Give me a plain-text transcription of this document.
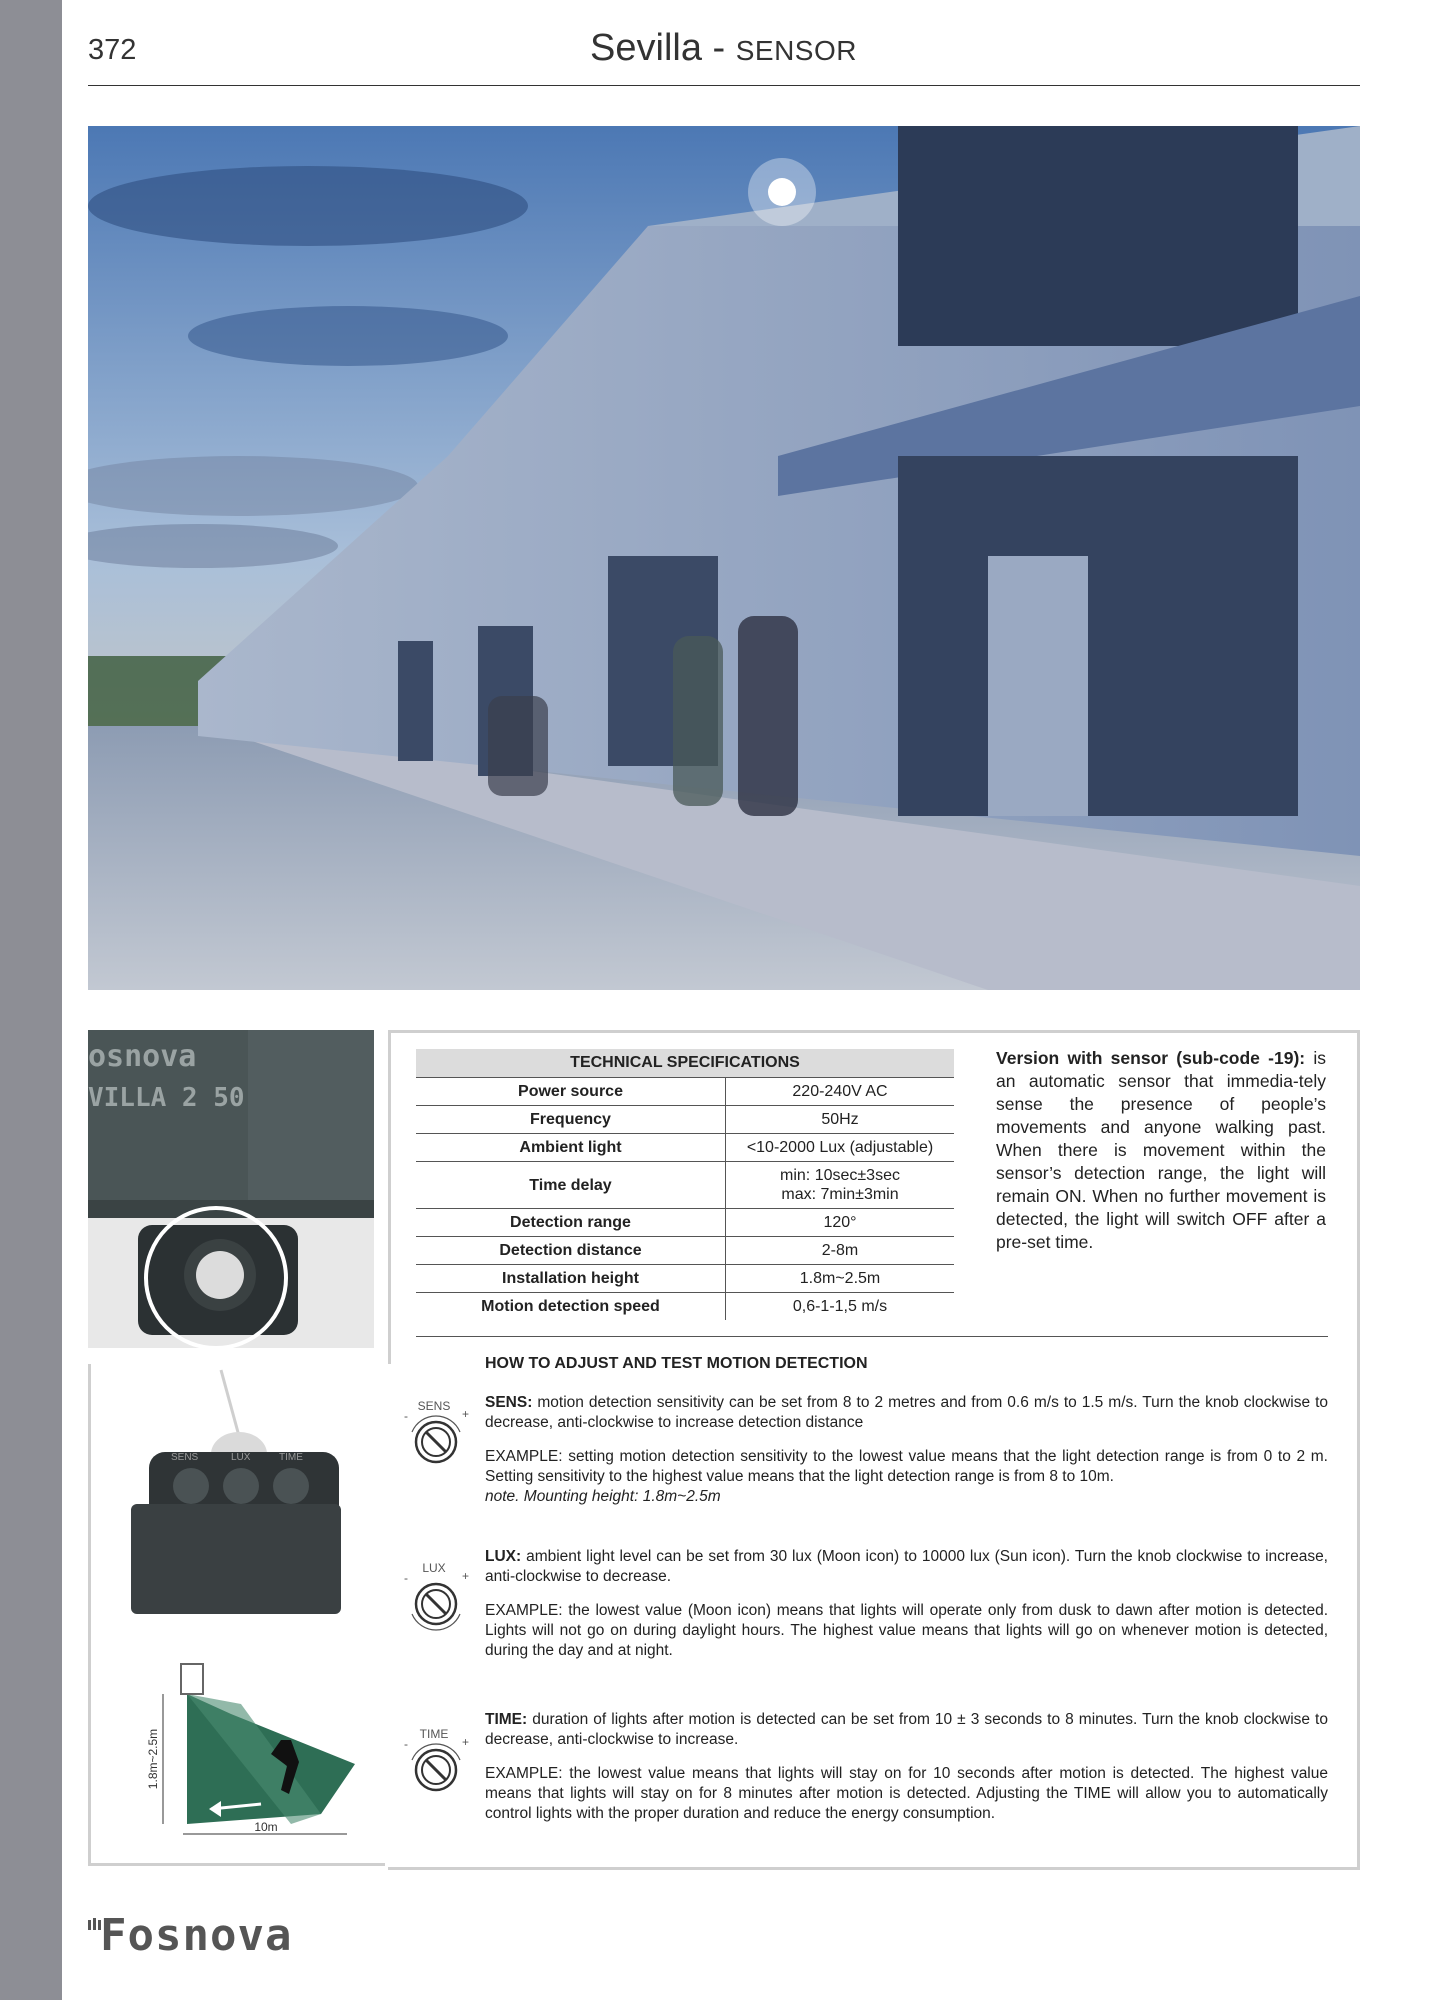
372	Sevilla - SENSOR
osnova
VILLA 2 50
SENS	LUX	TIME
10m
1.8m~2.5m
TECHNICAL SPECIFICATIONS	
Power source	220-240V AC
Frequency	50Hz
Ambient light	<10-2000 Lux (adjustable)
Time delay	min: 10sec±3sec
max: 7min±3min
Detection range	120°
Detection distance	2-8m
Installation height	1.8m~2.5m
Motion detection speed	0,6-1-1,5 m/s
Version with sensor (sub-code -19): is an automatic sensor that immedia-tely sense the presence of people’s movements and anyone walking past. When there is movement within the sensor’s detection range, the light will remain ON. When no further movement is detected, the light will switch OFF after a pre-set time.
HOW TO ADJUST AND TEST MOTION DETECTION
SENS
+
-

SENS: motion detection sensitivity can be set from 8 to 2 metres and from 0.6 m/s to 1.5 m/s. Turn the knob clockwise to decrease, anti-clockwise to increase detection distance

EXAMPLE: setting motion detection sensitivity to the lowest value means that the light detection range is from 0 to 2 m. Setting sensitivity to the highest value means that the light detection range is from 8 to 10m.

note. Mounting height: 1.8m~2.5m

LUX
+
-

LUX: ambient light level can be set from 30 lux (Moon icon) to 10000 lux (Sun icon). Turn the knob clockwise to increase, anti-clockwise to decrease.

EXAMPLE: the lowest value (Moon icon) means that lights will operate only from dusk to dawn after motion is detected. Lights will not go on during daylight hours. The highest value means that lights will go on whenever motion is detected, during the day and at night.

TIME
+
-

TIME: duration of lights after motion is detected can be set from 10 ± 3 seconds to 8 minutes. Turn the knob clockwise to decrease, anti-clockwise to increase.

EXAMPLE: the lowest value means that lights will stay on for 10 seconds after motion is detected. The highest value means that lights will stay on for 8 minutes after motion is detected. Adjusting the TIME will allow you to automatically control lights with the proper duration and reduce the energy consumption.

Fosnova
